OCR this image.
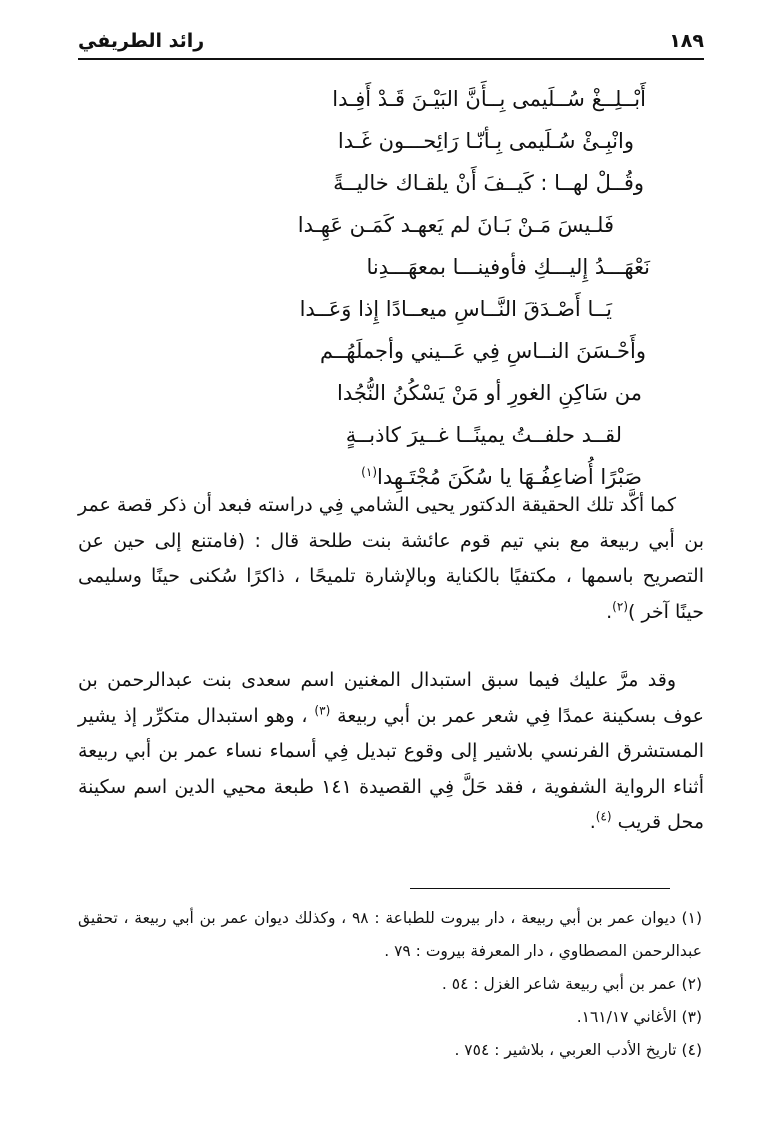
١٨٩
رائد الطريفي
أَبْــلِــغْ سُــلَيمى بِــأَنَّ البَيْـنَ قَـدْ أَفِـدا
وانْبِـئْ سُـلَيمى بِـأنّـا رَائِحـــون غَـدا
وقُــلْ لهــا : كَيــفَ أَنْ يلقـاك خاليــةً
فَلـيسَ مَـنْ بَـانَ لم يَعهـد كَمَـن عَهِـدا
نَعْهَـــدُ إِليـــكِ فأوفينـــا بمعهَـــدِنا
يَــا أَصْـدَقَ النَّــاسِ ميعــادًا إِذا وَعَــدا
وأَحْـسَنَ النــاسِ فِي عَــيني وأجملَهُــم
من سَاكِنِ الغورِ أو مَنْ يَسْكُنُ النُّجُدا
لقــد حلفــتُ يمينًــا غــيرَ كاذبــةٍ
صَبْرًا أُضاعِفُـهَا يا سُكَنَ مُجْتَـهِدا$^{(١)}$

كما أكَّد تلك الحقيقة الدكتور يحيى الشامي فِي دراسته فبعد أن ذكر قصة عمر بن أبي ربيعة مع بني تيم قوم عائشة بنت طلحة قال : (فامتنع إلى حين عن التصريح باسمها ، مكتفيًا بالكناية وبالإشارة تلميحًا ، ذاكرًا سُكنى حينًا وسليمى حينًا آخر )$^{(٢)}$.

وقد مرَّ عليك فيما سبق استبدال المغنين اسم سعدى بنت عبدالرحمن بن عوف بسكينة عمدًا فِي شعر عمر بن أبي ربيعة $^{(٣)}$ ، وهو استبدال متكرِّر إذ يشير المستشرق الفرنسي بلاشير إلى وقوع تبديل فِي أسماء نساء عمر بن أبي ربيعة أثناء الرواية الشفوية ، فقد حَلَّ فِي القصيدة ١٤١ طبعة محيي الدين اسم سكينة محل قريب $^{(٤)}$.

(١) ديوان عمر بن أبي ربيعة ، دار بيروت للطباعة : ٩٨ ، وكذلك ديوان عمر بن أبي ربيعة ، تحقيق عبدالرحمن المصطاوي ، دار المعرفة بيروت : ٧٩ .
(٢) عمر بن أبي ربيعة شاعر الغزل : ٥٤ .
(٣) الأغاني ١٦١/١٧.
(٤) تاريخ الأدب العربي ، بلاشير : ٧٥٤ .
